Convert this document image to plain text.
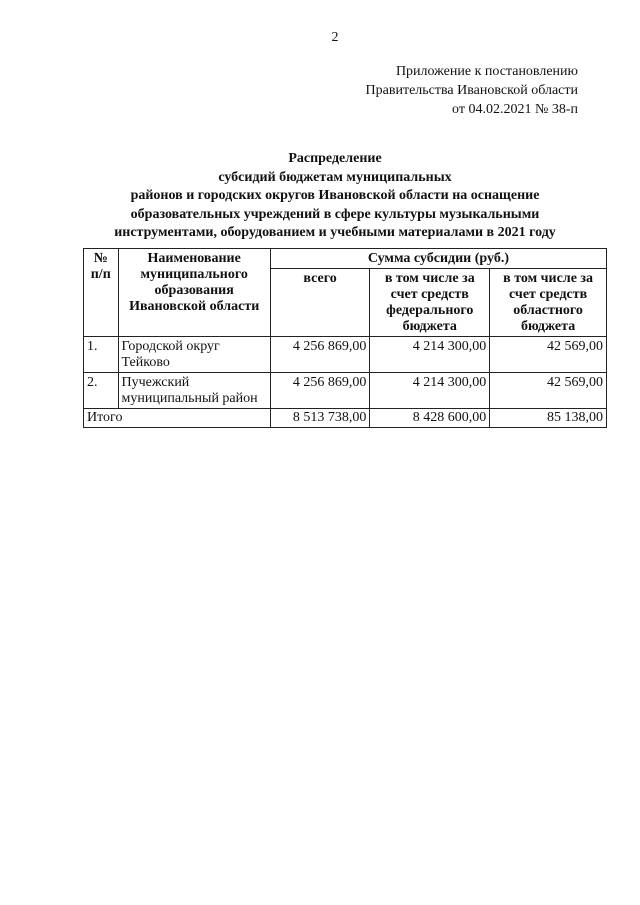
2
Приложение к постановлению
Правительства Ивановской области
от 04.02.2021 № 38-п
Распределение
субсидий бюджетам муниципальных
районов и городских округов Ивановской области на оснащение
образовательных учреждений в сфере культуры музыкальными
инструментами, оборудованием и учебными материалами в 2021 году
№ п/п	Наименование муниципального образования Ивановской области	Сумма субсидии (руб.)		
		всего	в том числе за счет средств федерального бюджета	в том числе за счет средств областного бюджета
1.	Городской округ Тейково	4 256 869,00	4 214 300,00	42 569,00
2.	Пучежский муниципальный район	4 256 869,00	4 214 300,00	42 569,00
Итого		8 513 738,00	8 428 600,00	85 138,00
